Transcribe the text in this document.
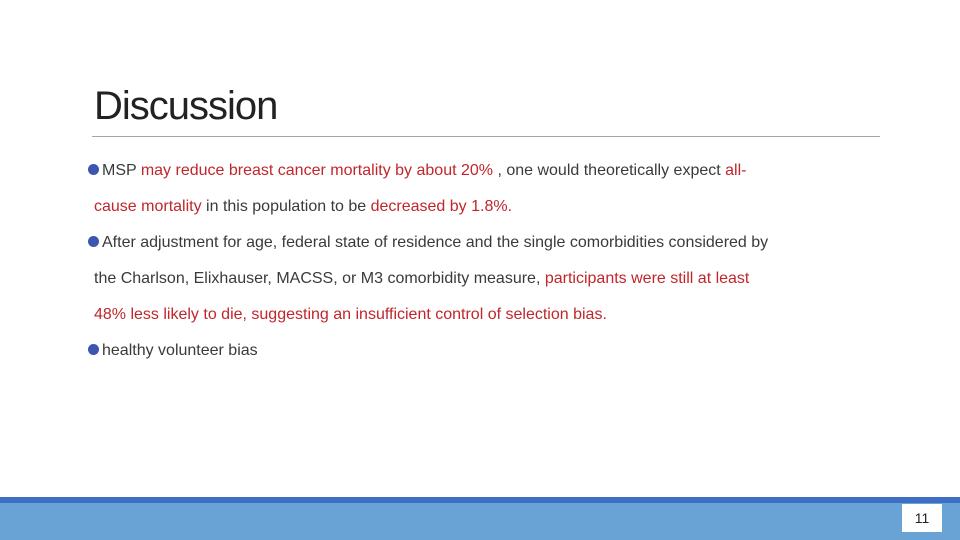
Discussion
MSP may reduce breast cancer mortality by about 20% , one would theoretically expect all-
cause mortality in this population to be decreased by 1.8%.
After adjustment for age, federal state of residence and the single comorbidities considered by
the Charlson, Elixhauser, MACSS, or M3 comorbidity measure, participants were still at least
48% less likely to die, suggesting an insufficient control of selection bias.
healthy volunteer bias
11
